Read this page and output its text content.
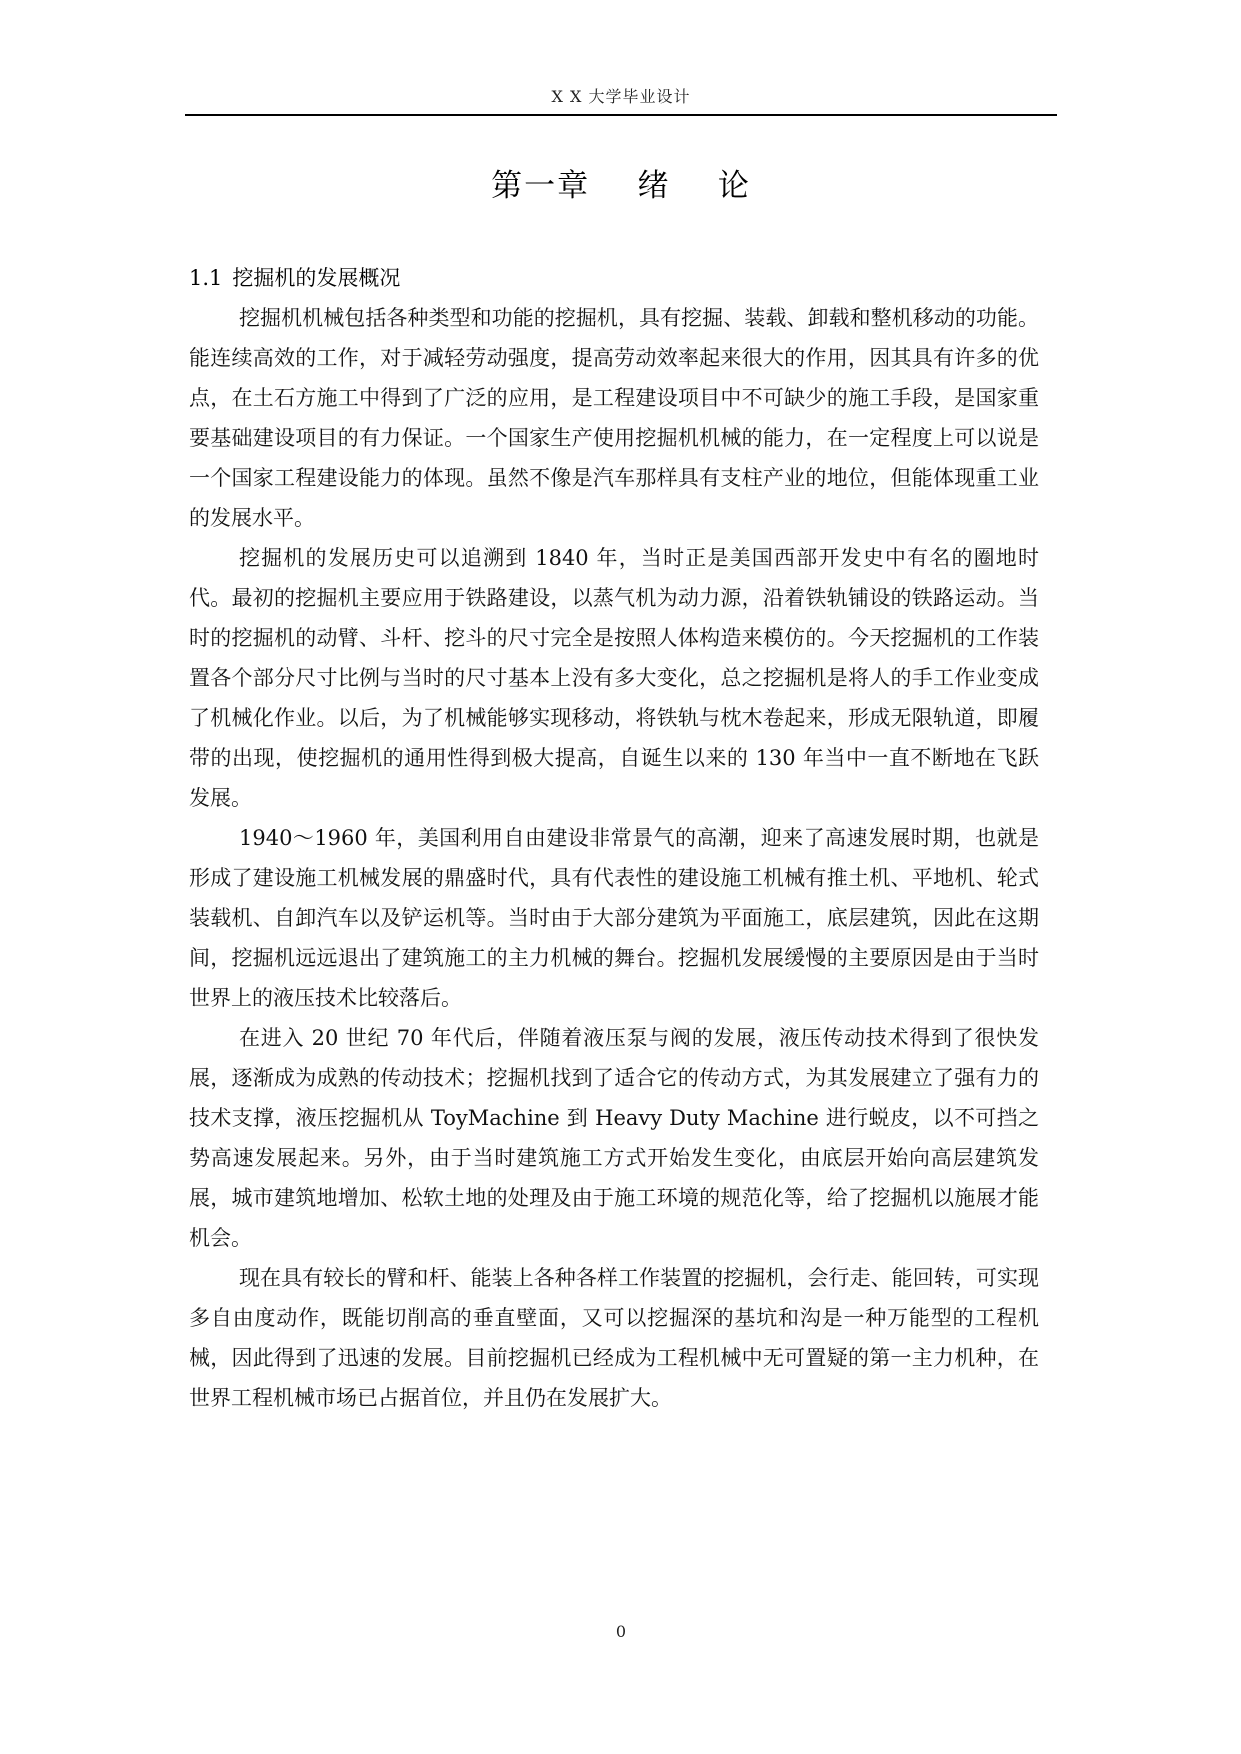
X X 大学毕业设计
第一章    绪    论
1.1 挖掘机的发展概况

挖掘机机械包括各种类型和功能的挖掘机，具有挖掘、装载、卸载和整机移动的功能。能连续高效的工作，对于减轻劳动强度，提高劳动效率起来很大的作用，因其具有许多的优点，在土石方施工中得到了广泛的应用，是工程建设项目中不可缺少的施工手段，是国家重要基础建设项目的有力保证。一个国家生产使用挖掘机机械的能力，在一定程度上可以说是一个国家工程建设能力的体现。虽然不像是汽车那样具有支柱产业的地位，但能体现重工业的发展水平。

挖掘机的发展历史可以追溯到 1840 年，当时正是美国西部开发史中有名的圈地时代。最初的挖掘机主要应用于铁路建设，以蒸气机为动力源，沿着铁轨铺设的铁路运动。当时的挖掘机的动臂、斗杆、挖斗的尺寸完全是按照人体构造来模仿的。今天挖掘机的工作装置各个部分尺寸比例与当时的尺寸基本上没有多大变化，总之挖掘机是将人的手工作业变成了机械化作业。以后，为了机械能够实现移动，将铁轨与枕木卷起来，形成无限轨道，即履带的出现，使挖掘机的通用性得到极大提高，自诞生以来的 130 年当中一直不断地在飞跃发展。

1940～1960 年，美国利用自由建设非常景气的高潮，迎来了高速发展时期，也就是形成了建设施工机械发展的鼎盛时代，具有代表性的建设施工机械有推土机、平地机、轮式装载机、自卸汽车以及铲运机等。当时由于大部分建筑为平面施工，底层建筑，因此在这期间，挖掘机远远退出了建筑施工的主力机械的舞台。挖掘机发展缓慢的主要原因是由于当时世界上的液压技术比较落后。

在进入 20 世纪 70 年代后，伴随着液压泵与阀的发展，液压传动技术得到了很快发展，逐渐成为成熟的传动技术；挖掘机找到了适合它的传动方式，为其发展建立了强有力的技术支撑，液压挖掘机从 ToyMachine 到 Heavy Duty Machine 进行蜕皮，以不可挡之势高速发展起来。另外，由于当时建筑施工方式开始发生变化，由底层开始向高层建筑发展，城市建筑地增加、松软土地的处理及由于施工环境的规范化等，给了挖掘机以施展才能机会。

现在具有较长的臂和杆、能装上各种各样工作装置的挖掘机，会行走、能回转，可实现多自由度动作，既能切削高的垂直壁面，又可以挖掘深的基坑和沟是一种万能型的工程机械，因此得到了迅速的发展。目前挖掘机已经成为工程机械中无可置疑的第一主力机种，在世界工程机械市场已占据首位，并且仍在发展扩大。

0
